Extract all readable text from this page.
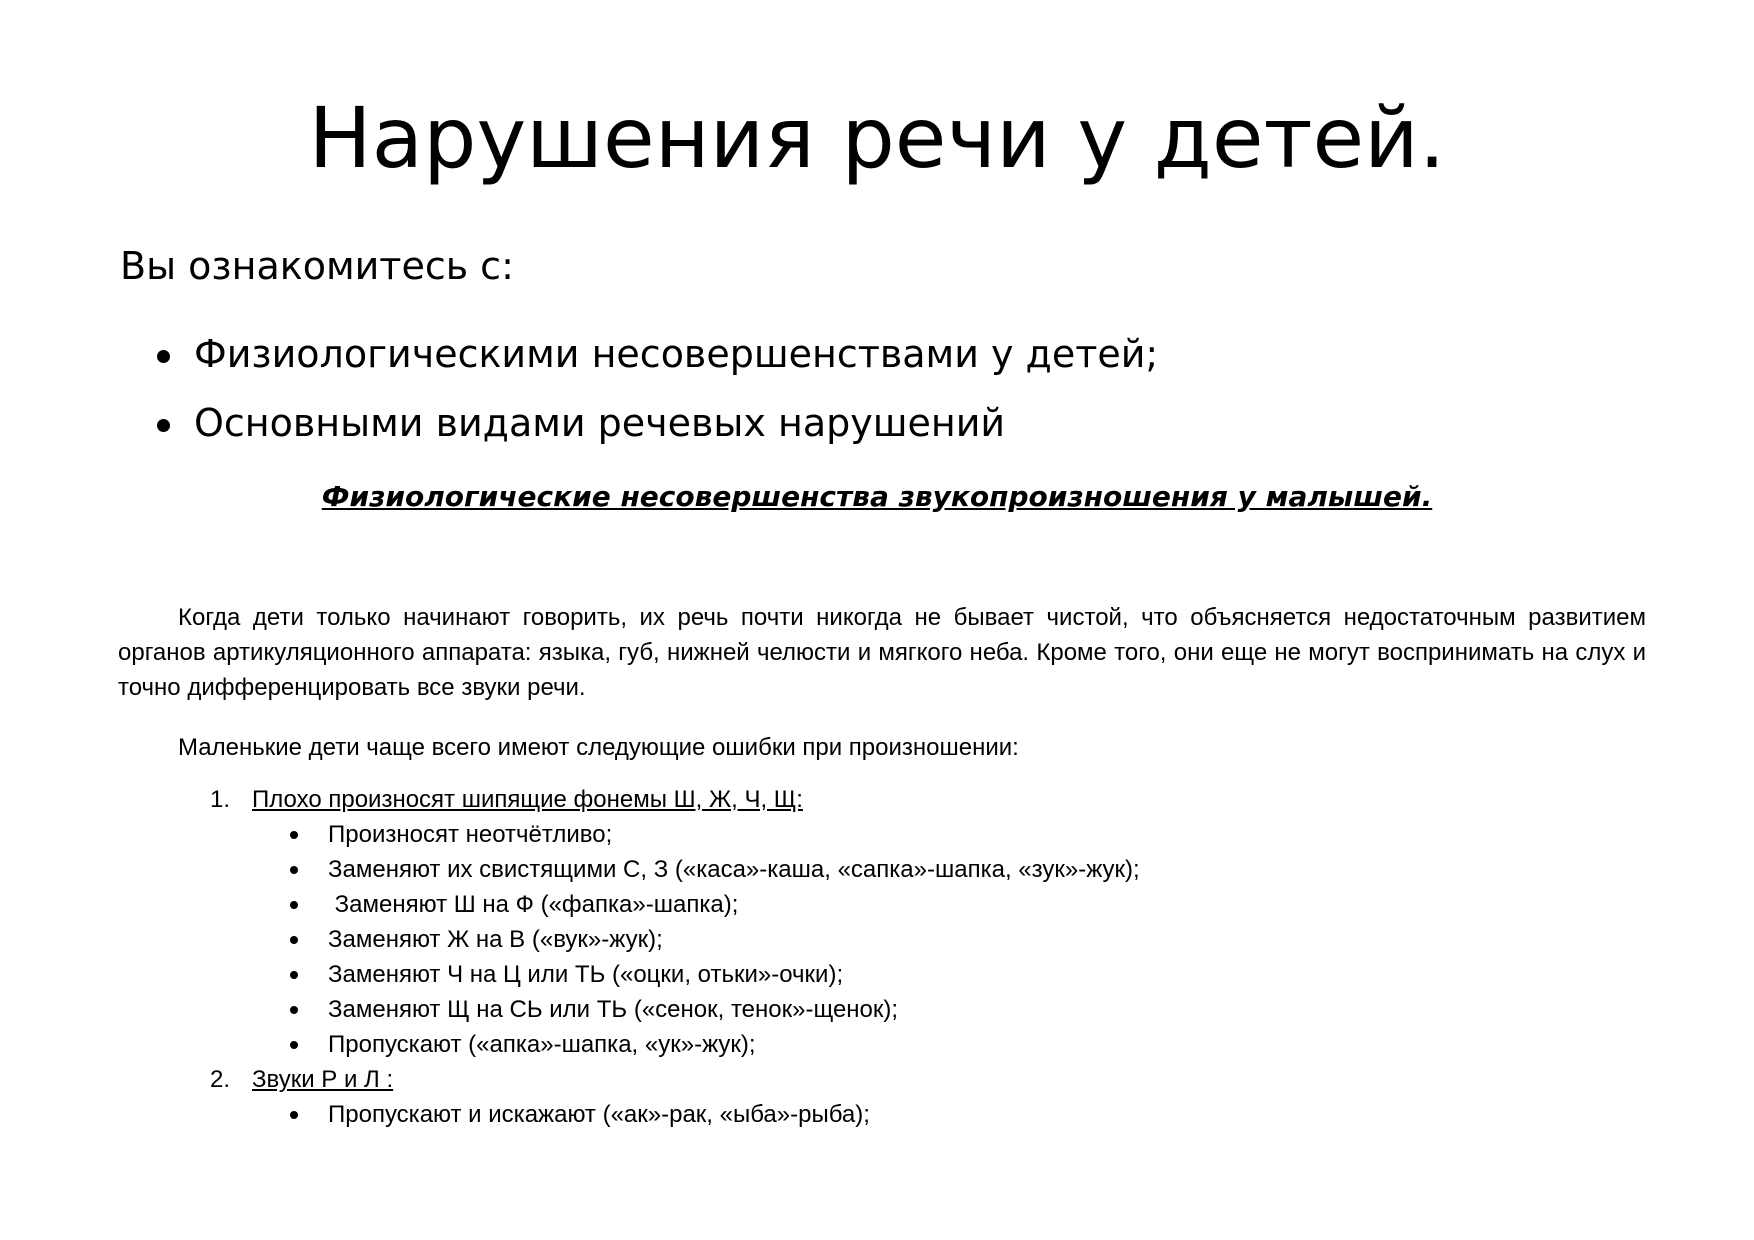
Нарушения речи у детей.

Вы ознакомитесь с:

Физиологическими несовершенствами у детей;
Основными видами речевых нарушений
Физиологические несовершенства звукопроизношения у малышей.

Когда дети только начинают говорить, их речь почти никогда не бывает чистой, что объясняется недостаточным развитием органов артикуляционного аппарата: языка, губ, нижней челюсти и мягкого неба. Кроме того, они еще не могут воспринимать на слух и точно дифференцировать все звуки речи.

Маленькие дети чаще всего имеют следующие ошибки при произношении:

1. Плохо произносят шипящие фонемы Ш, Ж, Ч, Щ:
Произносят неотчётливо;
Заменяют их свистящими С, З («каса»-каша, «сапка»-шапка, «зук»-жук);
Заменяют Ш на Ф («фапка»-шапка);
Заменяют Ж на В («вук»-жук);
Заменяют Ч на Ц или ТЬ («оцки, отьки»-очки);
Заменяют Щ на СЬ или ТЬ («сенок, тенок»-щенок);
Пропускают («апка»-шапка, «ук»-жук);
2. Звуки Р и Л :
Пропускают и искажают («ак»-рак, «ыба»-рыба);
